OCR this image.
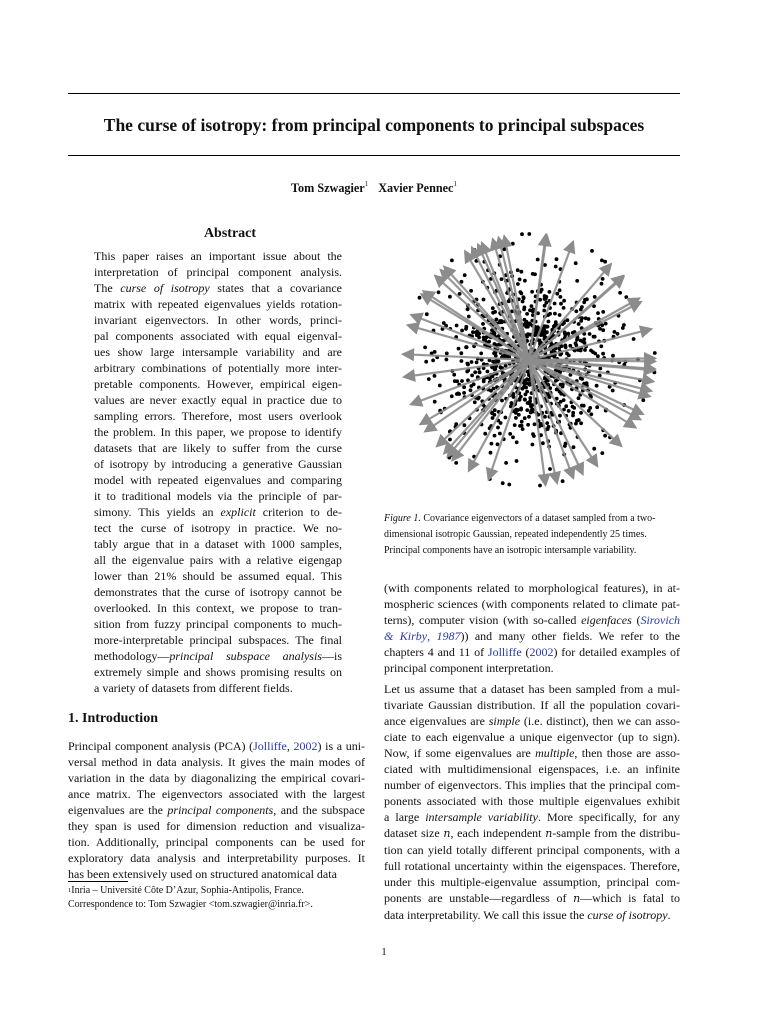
The curse of isotropy: from principal components to principal subspaces
Tom Szwagier$^1$ Xavier Pennec$^1$
Abstract
This paper raises an important issue about the
interpretation of principal component analysis.
The curse of isotropy states that a covariance
matrix with repeated eigenvalues yields rotation-
invariant eigenvectors. In other words, princi-
pal components associated with equal eigenval-
ues show large intersample variability and are
arbitrary combinations of potentially more inter-
pretable components. However, empirical eigen-
values are never exactly equal in practice due to
sampling errors. Therefore, most users overlook
the problem. In this paper, we propose to identify
datasets that are likely to suffer from the curse
of isotropy by introducing a generative Gaussian
model with repeated eigenvalues and comparing
it to traditional models via the principle of par-
simony. This yields an explicit criterion to de-
tect the curse of isotropy in practice. We no-
tably argue that in a dataset with 1000 samples,
all the eigenvalue pairs with a relative eigengap
lower than 21% should be assumed equal. This
demonstrates that the curse of isotropy cannot be
overlooked. In this context, we propose to tran-
sition from fuzzy principal components to much-
more-interpretable principal subspaces. The final
methodology—principal subspace analysis—is
extremely simple and shows promising results on
a variety of datasets from different fields.
1. Introduction
Principal component analysis (PCA) (Jolliffe, 2002) is a uni-
versal method in data analysis. It gives the main modes of
variation in the data by diagonalizing the empirical covari-
ance matrix. The eigenvectors associated with the largest
eigenvalues are the principal components, and the subspace
they span is used for dimension reduction and visualiza-
tion. Additionally, principal components can be used for
exploratory data analysis and interpretability purposes. It
has been extensively used on structured anatomical data
$^1$Inria – Université Côte D’Azur, Sophia-Antipolis, France.
Correspondence to: Tom Szwagier <tom.szwagier@inria.fr>.
Figure 1. Covariance eigenvectors of a dataset sampled from a two-
dimensional isotropic Gaussian, repeated independently 25 times.
Principal components have an isotropic intersample variability.
(with components related to morphological features), in at-
mospheric sciences (with components related to climate pat-
terns), computer vision (with so-called eigenfaces (Sirovich
& Kirby, 1987)) and many other fields. We refer to the
chapters 4 and 11 of Jolliffe (2002) for detailed examples of
principal component interpretation.
Let us assume that a dataset has been sampled from a mul-
tivariate Gaussian distribution. If all the population covari-
ance eigenvalues are simple (i.e. distinct), then we can asso-
ciate to each eigenvalue a unique eigenvector (up to sign).
Now, if some eigenvalues are multiple, then those are asso-
ciated with multidimensional eigenspaces, i.e. an infinite
number of eigenvectors. This implies that the principal com-
ponents associated with those multiple eigenvalues exhibit
a large intersample variability. More specifically, for any
dataset size n, each independent n-sample from the distribu-
tion can yield totally different principal components, with a
full rotational uncertainty within the eigenspaces. Therefore,
under this multiple-eigenvalue assumption, principal com-
ponents are unstable—regardless of n—which is fatal to
data interpretability. We call this issue the curse of isotropy.
1
